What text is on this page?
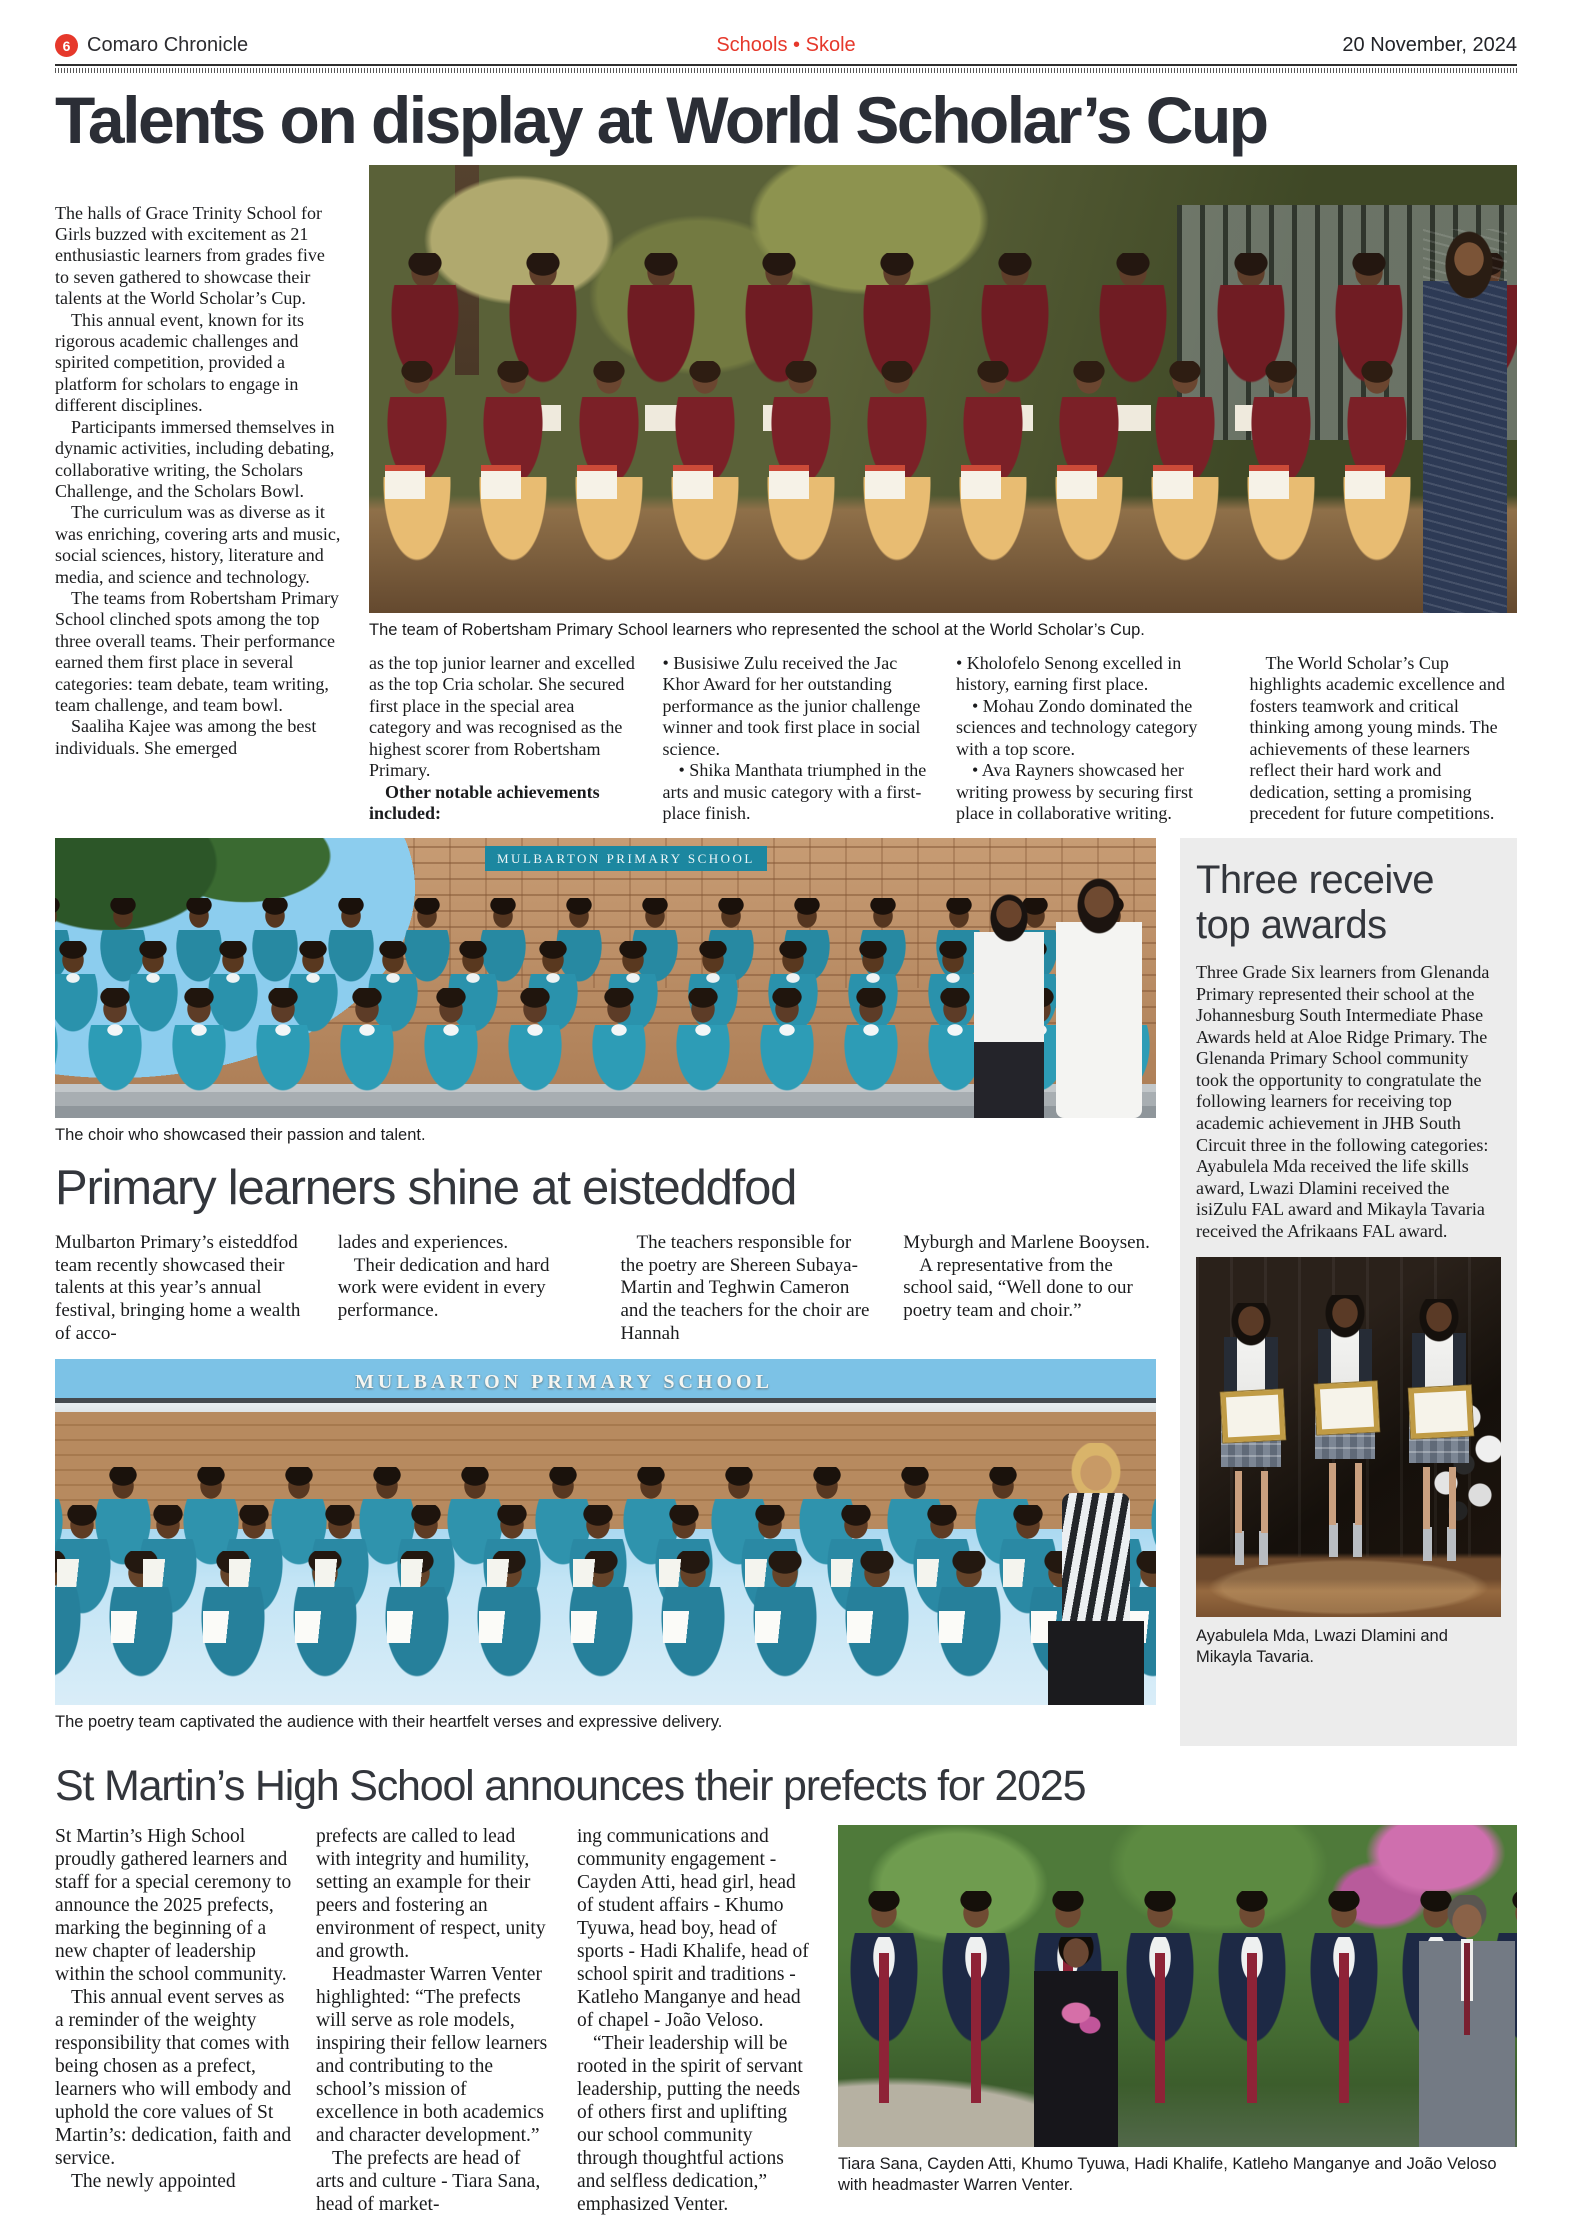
6 Comaro Chronicle	Schools • Skole	20 November, 2024
Talents on display at World Scholar’s Cup

The halls of Grace Trinity School for Girls buzzed with excitement as 21 enthusiastic learners from grades five to seven gathered to showcase their talents at the World Scholar’s Cup.

This annual event, known for its rigorous academic challenges and spirited competition, provided a platform for scholars to engage in different disciplines.

Participants immersed themselves in dynamic activities, including debating, collaborative writing, the Scholars Challenge, and the Scholars Bowl.

The curriculum was as diverse as it was enriching, covering arts and music, social sciences, history, literature and media, and science and technology.

The teams from Robertsham Primary School clinched spots among the top three overall teams. Their performance earned them first place in several categories: team debate, team writing, team challenge, and team bowl.

Saaliha Kajee was among the best individuals. She emerged

The team of Robertsham Primary School learners who represented the school at the World Scholar’s Cup.

as the top junior learner and excelled as the top Cria scholar. She secured first place in the special area category and was recognised as the highest scorer from Robertsham Primary.

Other notable achievements included:

• Busisiwe Zulu received the Jac Khor Award for her outstanding performance as the junior challenge winner and took first place in social science.

• Shika Manthata triumphed in the arts and music category with a first-place finish.

• Kholofelo Senong excelled in history, earning first place.

• Mohau Zondo dominated the sciences and technology category with a top score.

• Ava Rayners showcased her writing prowess by securing first place in collaborative writing.

The World Scholar’s Cup highlights academic excellence and fosters teamwork and critical thinking among young minds. The achievements of these learners reflect their hard work and dedication, setting a promising precedent for future competitions.

MULBARTON PRIMARY SCHOOL
The choir who showcased their passion and talent.
Primary learners shine at eisteddfod

Mulbarton Primary’s eisteddfod team recently showcased their talents at this year’s annual festival, bringing home a wealth of acco-

lades and experiences.

Their dedication and hard work were evident in every performance.

The teachers responsible for the poetry are Shereen Subaya-Martin and Teghwin Cameron and the teachers for the choir are Hannah

Myburgh and Marlene Booysen.

A representative from the school said, “Well done to our poetry team and choir.”

MULBARTON PRIMARY SCHOOL
The poetry team captivated the audience with their heartfelt verses and expressive delivery.
Three receive top awards

Three Grade Six learners from Glenanda Primary represented their school at the Johannesburg South Intermediate Phase Awards held at Aloe Ridge Primary. The Glenanda Primary School community took the opportunity to congratulate the following learners for receiving top academic achievement in JHB South Circuit three in the following categories: Ayabulela Mda received the life skills award, Lwazi Dlamini received the isiZulu FAL award and Mikayla Tavaria received the Afrikaans FAL award.

Ayabulela Mda, Lwazi Dlamini and Mikayla Tavaria.
St Martin’s High School announces their prefects for 2025

St Martin’s High School proudly gathered learners and staff for a special ceremony to announce the 2025 prefects, marking the beginning of a new chapter of leadership within the school community.

This annual event serves as a reminder of the weighty responsibility that comes with being chosen as a prefect, learners who will embody and uphold the core values of St Martin’s: dedication, faith and service.

The newly appointed

prefects are called to lead with integrity and humility, setting an example for their peers and fostering an environment of respect, unity and growth.

Headmaster Warren Venter highlighted: “The prefects will serve as role models, inspiring their fellow learners and contributing to the school’s mission of excellence in both academics and character development.”

The prefects are head of arts and culture - Tiara Sana, head of market-

ing communications and community engagement - Cayden Atti, head girl, head of student affairs - Khumo Tyuwa, head boy, head of sports - Hadi Khalife, head of school spirit and traditions - Katleho Manganye and head of chapel - João Veloso.

“Their leadership will be rooted in the spirit of servant leadership, putting the needs of others first and uplifting our school community through thoughtful actions and selfless dedication,” emphasized Venter.

Tiara Sana, Cayden Atti, Khumo Tyuwa, Hadi Khalife, Katleho Manganye and João Veloso with headmaster Warren Venter.
